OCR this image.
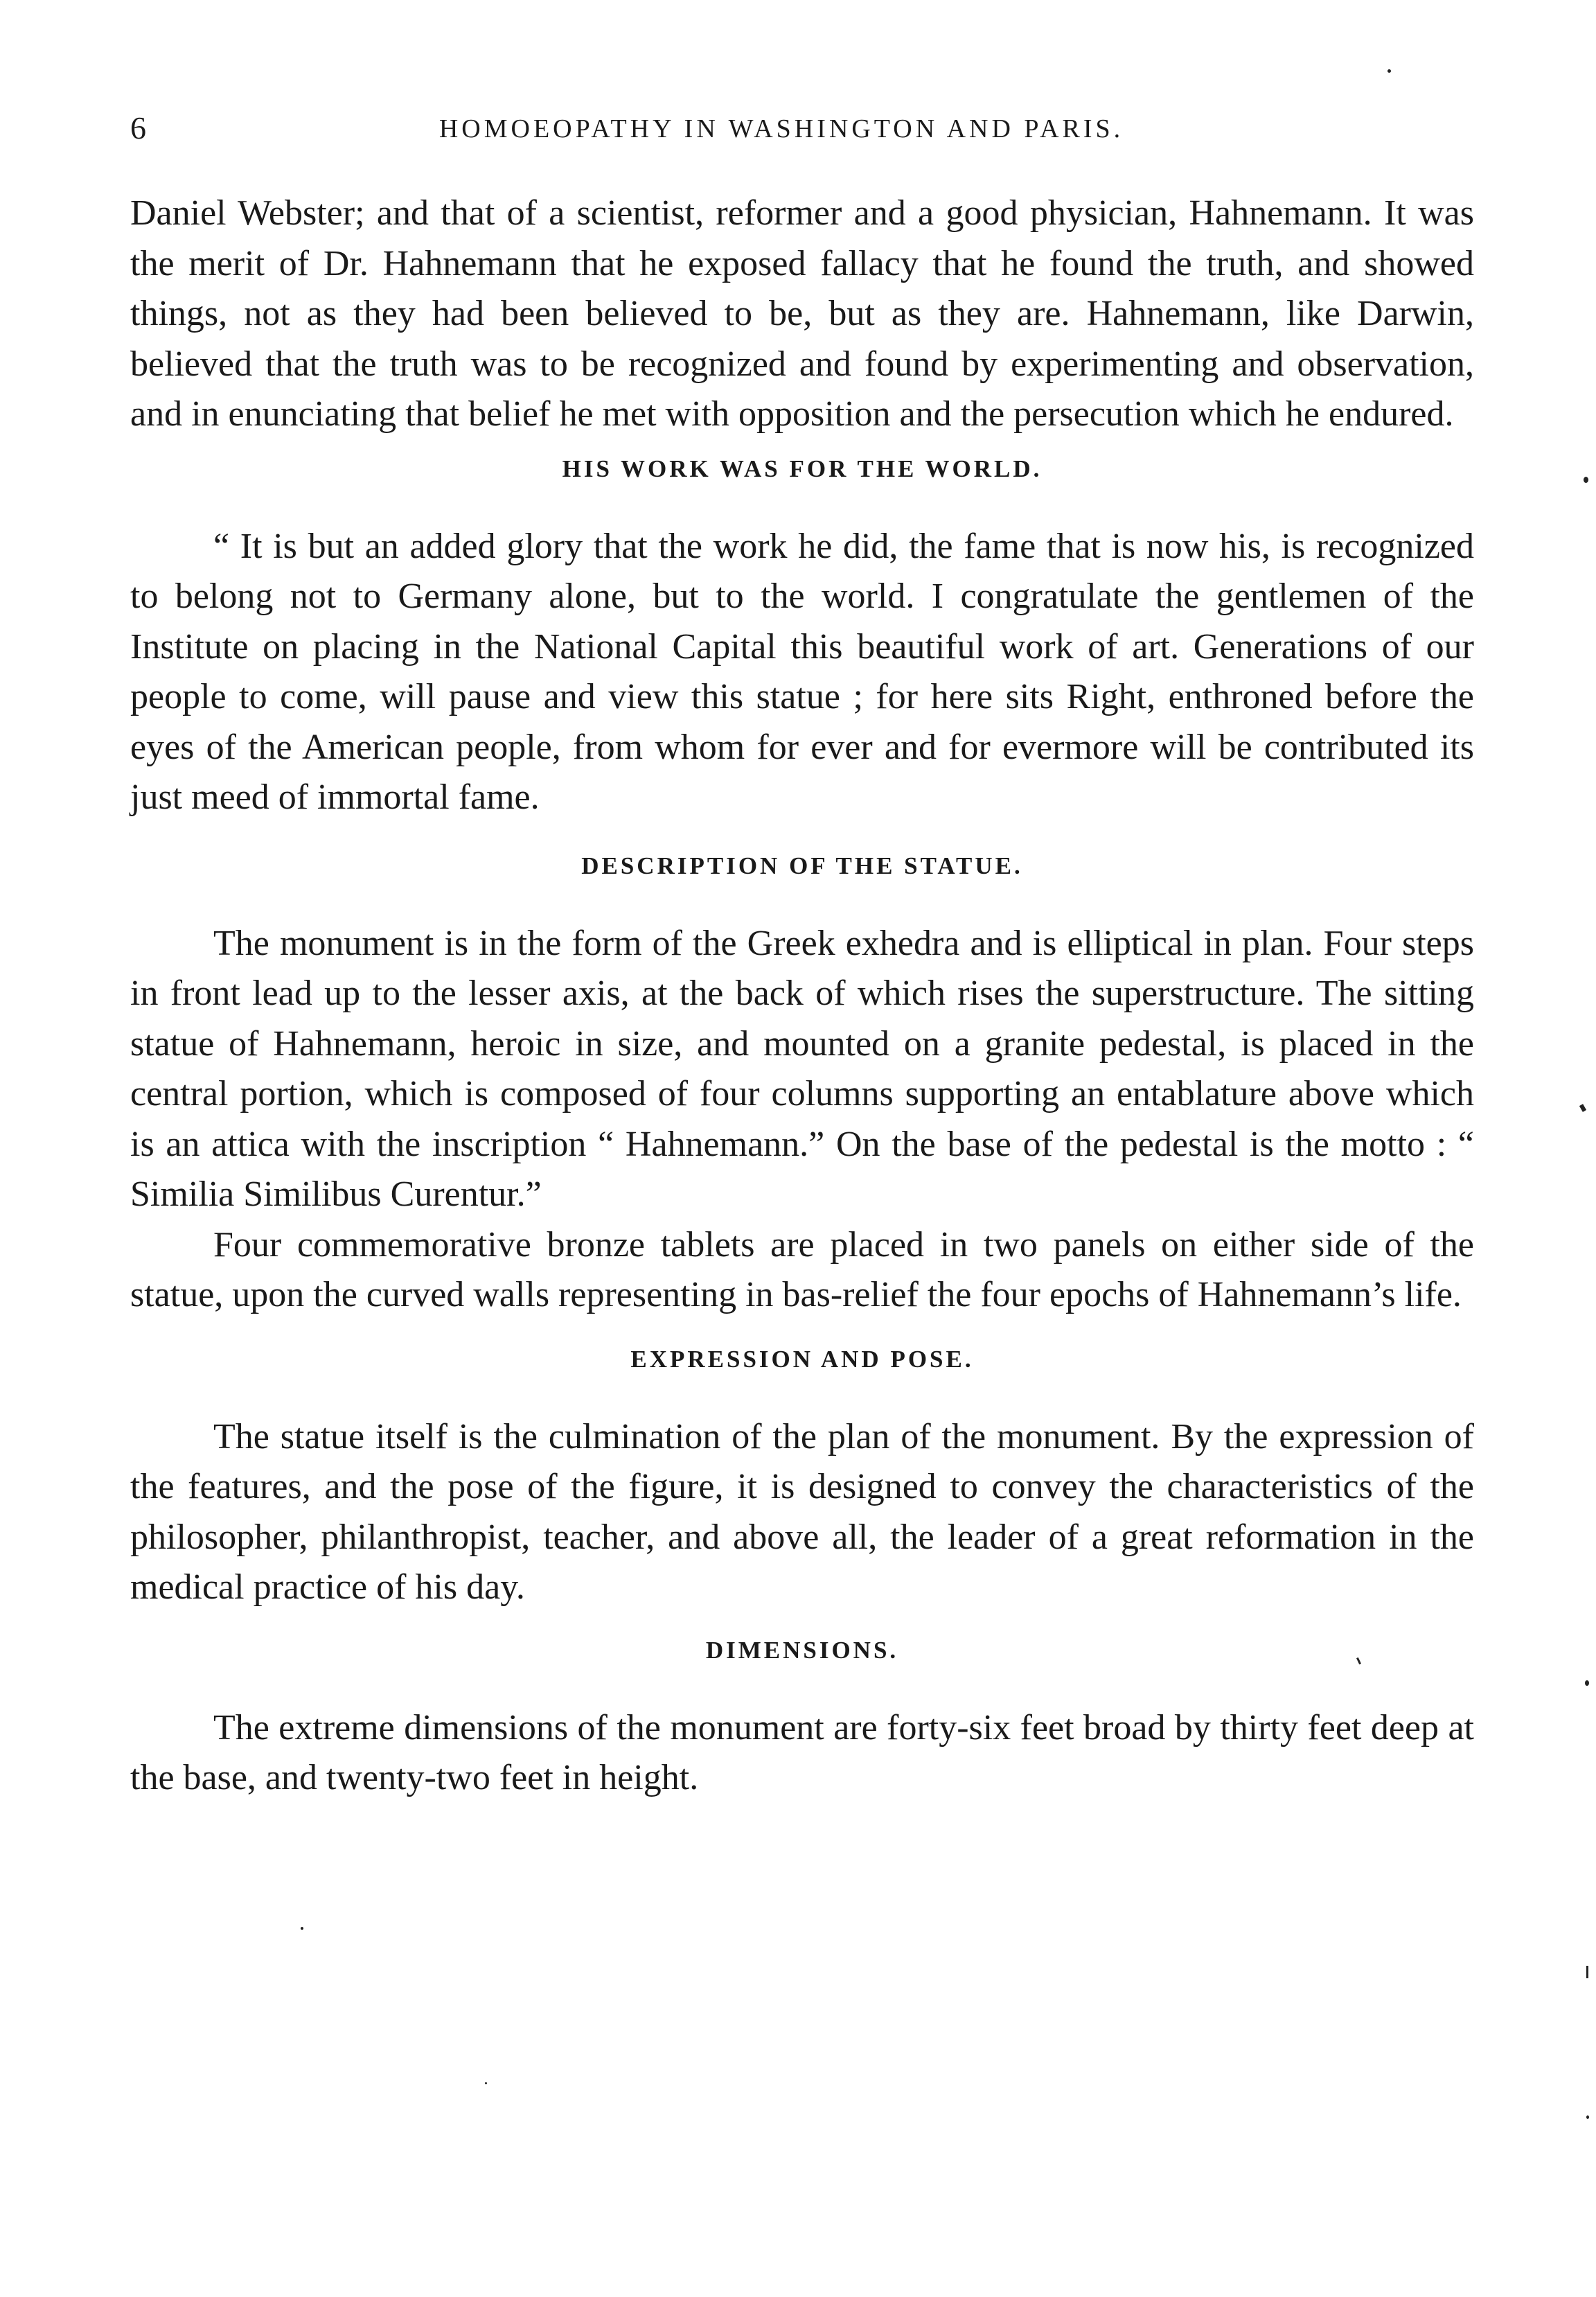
6	HOMOEOPATHY IN WASHINGTON AND PARIS.

Daniel Webster; and that of a scientist, reformer and a good physician, Hahnemann. It was the merit of Dr. Hahnemann that he exposed fallacy that he found the truth, and showed things, not as they had been believed to be, but as they are. Hahnemann, like Darwin, believed that the truth was to be recognized and found by experimenting and observation, and in enunciating that belief he met with opposition and the persecution which he endured.

HIS WORK WAS FOR THE WORLD.

“ It is but an added glory that the work he did, the fame that is now his, is recognized to belong not to Germany alone, but to the world. I congratulate the gentlemen of the Institute on placing in the National Capital this beautiful work of art. Generations of our people to come, will pause and view this statue ; for here sits Right, enthroned before the eyes of the American people, from whom for ever and for evermore will be contributed its just meed of immortal fame.

DESCRIPTION OF THE STATUE.

The monument is in the form of the Greek exhedra and is elliptical in plan. Four steps in front lead up to the lesser axis, at the back of which rises the superstructure. The sitting statue of Hahnemann, heroic in size, and mounted on a granite pedestal, is placed in the central portion, which is composed of four columns supporting an entablature above which is an attica with the inscription “ Hahnemann.” On the base of the pedestal is the motto : “ Similia Similibus Curentur.”

Four commemorative bronze tablets are placed in two panels on either side of the statue, upon the curved walls representing in bas-relief the four epochs of Hahnemann’s life.

EXPRESSION AND POSE.

The statue itself is the culmination of the plan of the monument. By the expression of the features, and the pose of the figure, it is designed to convey the characteristics of the philosopher, philanthropist, teacher, and above all, the leader of a great reformation in the medical practice of his day.

DIMENSIONS.

The extreme dimensions of the monument are forty-six feet broad by thirty feet deep at the base, and twenty-two feet in height.
